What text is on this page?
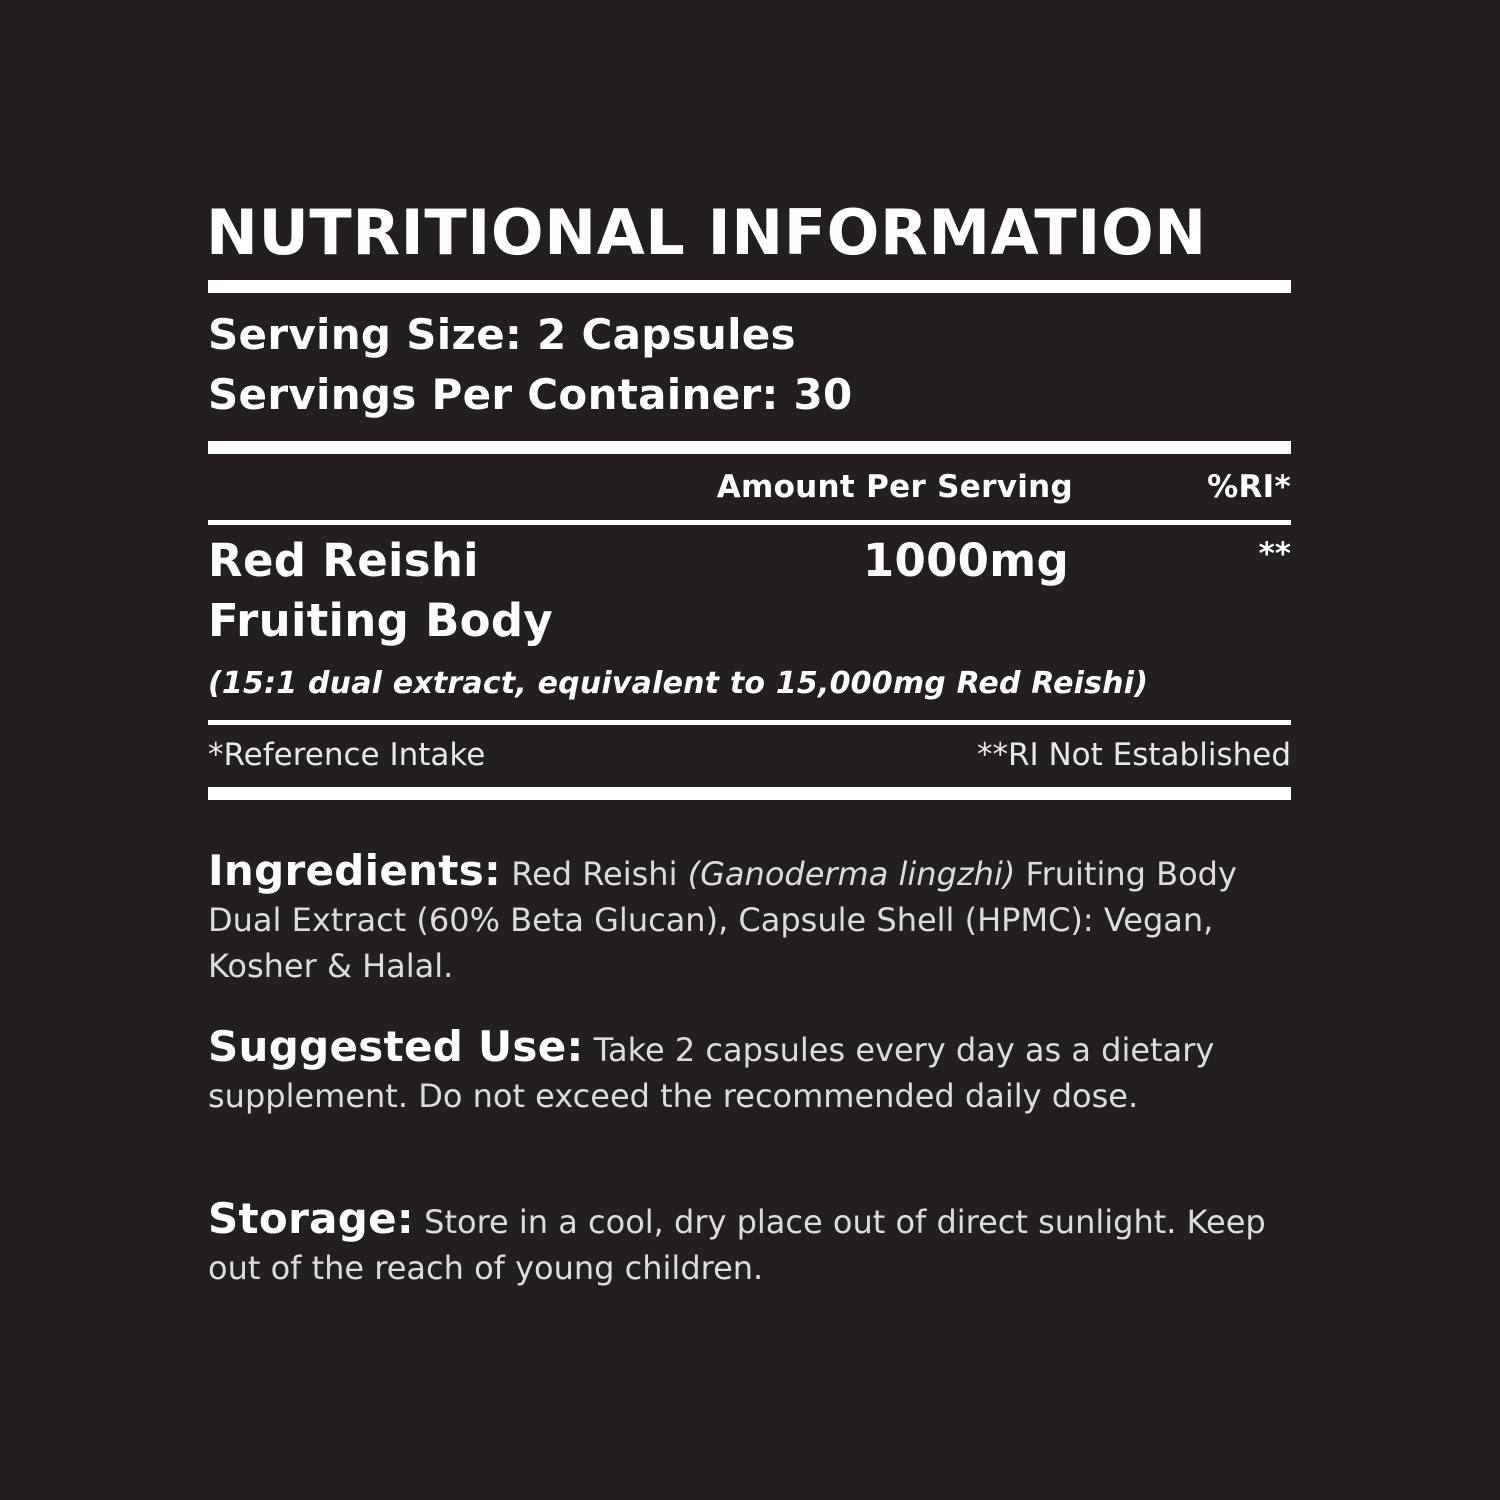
NUTRITIONAL INFORMATION
Serving Size: 2 Capsules
Servings Per Container: 30
Amount Per Serving	%RI*
Red Reishi
Fruiting Body
1000mg	**
(15:1 dual extract, equivalent to 15,000mg Red Reishi)
*Reference Intake	**RI Not Established
Ingredients: Red Reishi (Ganoderma lingzhi) Fruiting Body Dual Extract (60% Beta Glucan), Capsule Shell (HPMC): Vegan, Kosher & Halal.
Suggested Use: Take 2 capsules every day as a dietary supplement. Do not exceed the recommended daily dose.
Storage: Store in a cool, dry place out of direct sunlight. Keep out of the reach of young children.
